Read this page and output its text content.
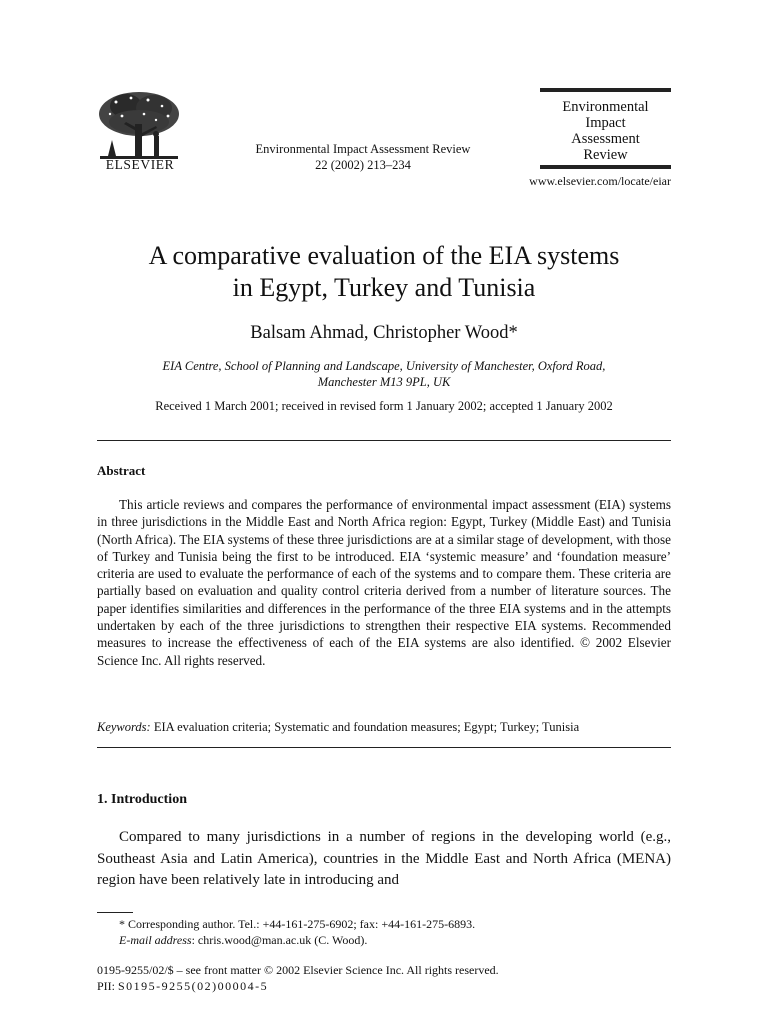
ELSEVIER
Environmental Impact Assessment Review
22 (2002) 213–234
Environmental
Impact
Assessment
Review
www.elsevier.com/locate/eiar
A comparative evaluation of the EIA systems
in Egypt, Turkey and Tunisia
Balsam Ahmad, Christopher Wood*
EIA Centre, School of Planning and Landscape, University of Manchester, Oxford Road,
Manchester M13 9PL, UK
Received 1 March 2001; received in revised form 1 January 2002; accepted 1 January 2002
Abstract
This article reviews and compares the performance of environmental impact assessment (EIA) systems in three jurisdictions in the Middle East and North Africa region: Egypt, Turkey (Middle East) and Tunisia (North Africa). The EIA systems of these three jurisdictions are at a similar stage of development, with those of Turkey and Tunisia being the first to be introduced. EIA ‘systemic measure’ and ‘foundation measure’ criteria are used to evaluate the performance of each of the systems and to compare them. These criteria are partially based on evaluation and quality control criteria derived from a number of literature sources. The paper identifies similarities and differences in the performance of the three EIA systems and in the attempts undertaken by each of the three jurisdictions to strengthen their respective EIA systems. Recommended measures to increase the effectiveness of each of the EIA systems are also identified. © 2002 Elsevier Science Inc. All rights reserved.
Keywords: EIA evaluation criteria; Systematic and foundation measures; Egypt; Turkey; Tunisia
1. Introduction
Compared to many jurisdictions in a number of regions in the developing world (e.g., Southeast Asia and Latin America), countries in the Middle East and North Africa (MENA) region have been relatively late in introducing and
* Corresponding author. Tel.: +44-161-275-6902; fax: +44-161-275-6893.
E-mail address: chris.wood@man.ac.uk (C. Wood).
0195-9255/02/$ – see front matter © 2002 Elsevier Science Inc. All rights reserved.
PII: S0195-9255(02)00004-5
